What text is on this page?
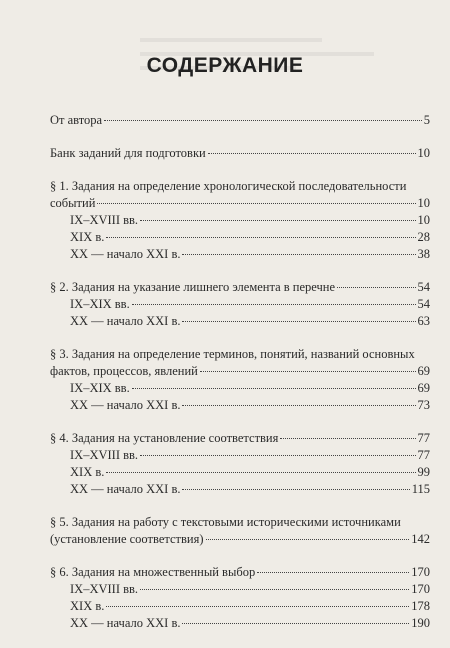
СОДЕРЖАНИЕ
От автора	5
Банк заданий для подготовки	10
§ 1. Задания на определение хронологической последовательности
событий	10
IX–XVIII вв.	10
XIX в.	28
XX — начало XXI в.	38
§ 2. Задания на указание лишнего элемента в перечне	54
IX–XIX вв.	54
XX — начало XXI в.	63
§ 3. Задания на определение терминов, понятий, названий основных
фактов, процессов, явлений	69
IX–XIX вв.	69
XX — начало XXI в.	73
§ 4. Задания на установление соответствия	77
IX–XVIII вв.	77
XIX в.	99
XX — начало XXI в.	115
§ 5. Задания на работу с текстовыми историческими источниками
(установление соответствия)	142
§ 6. Задания на множественный выбор	170
IX–XVIII вв.	170
XIX в.	178
XX — начало XXI в.	190
